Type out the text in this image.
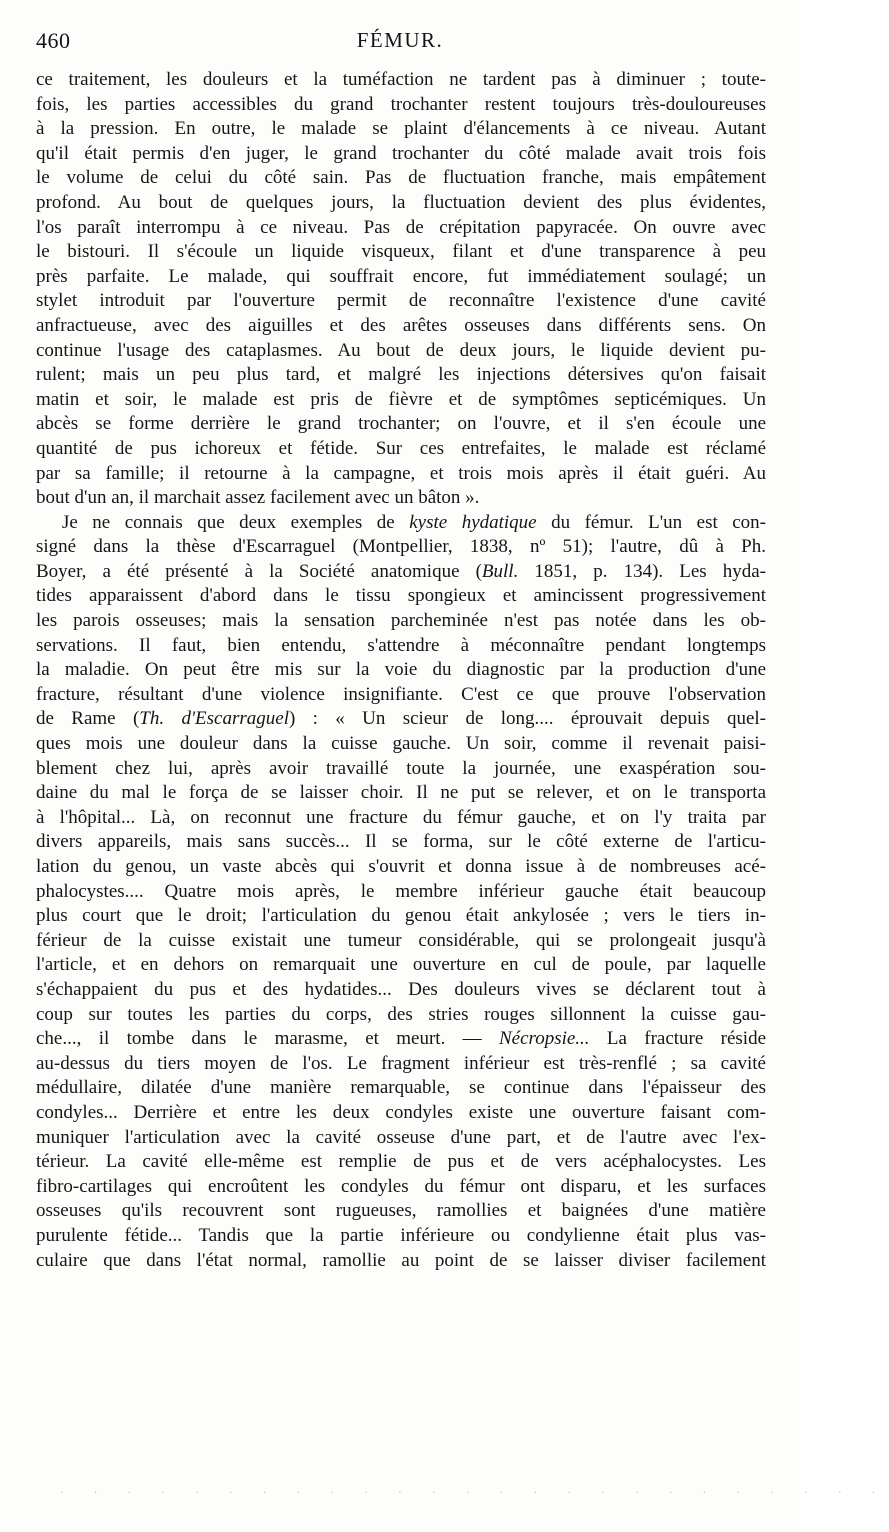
460	FÉMUR.
ce traitement, les douleurs et la tuméfaction ne tardent pas à diminuer ; toute-
fois, les parties accessibles du grand trochanter restent toujours très-douloureuses
à la pression. En outre, le malade se plaint d'élancements à ce niveau. Autant
qu'il était permis d'en juger, le grand trochanter du côté malade avait trois fois
le volume de celui du côté sain. Pas de fluctuation franche, mais empâtement
profond. Au bout de quelques jours, la fluctuation devient des plus évidentes,
l'os paraît interrompu à ce niveau. Pas de crépitation papyracée. On ouvre avec
le bistouri. Il s'écoule un liquide visqueux, filant et d'une transparence à peu
près parfaite. Le malade, qui souffrait encore, fut immédiatement soulagé; un
stylet introduit par l'ouverture permit de reconnaître l'existence d'une cavité
anfractueuse, avec des aiguilles et des arêtes osseuses dans différents sens. On
continue l'usage des cataplasmes. Au bout de deux jours, le liquide devient pu-
rulent; mais un peu plus tard, et malgré les injections détersives qu'on faisait
matin et soir, le malade est pris de fièvre et de symptômes septicémiques. Un
abcès se forme derrière le grand trochanter; on l'ouvre, et il s'en écoule une
quantité de pus ichoreux et fétide. Sur ces entrefaites, le malade est réclamé
par sa famille; il retourne à la campagne, et trois mois après il était guéri. Au
bout d'un an, il marchait assez facilement avec un bâton ».
Je ne connais que deux exemples de kyste hydatique du fémur. L'un est con-
signé dans la thèse d'Escarraguel (Montpellier, 1838, nº 51); l'autre, dû à Ph.
Boyer, a été présenté à la Société anatomique (Bull. 1851, p. 134). Les hyda-
tides apparaissent d'abord dans le tissu spongieux et amincissent progressivement
les parois osseuses; mais la sensation parcheminée n'est pas notée dans les ob-
servations. Il faut, bien entendu, s'attendre à méconnaître pendant longtemps
la maladie. On peut être mis sur la voie du diagnostic par la production d'une
fracture, résultant d'une violence insignifiante. C'est ce que prouve l'observation
de Rame (Th. d'Escarraguel) : « Un scieur de long.... éprouvait depuis quel-
ques mois une douleur dans la cuisse gauche. Un soir, comme il revenait paisi-
blement chez lui, après avoir travaillé toute la journée, une exaspération sou-
daine du mal le força de se laisser choir. Il ne put se relever, et on le transporta
à l'hôpital... Là, on reconnut une fracture du fémur gauche, et on l'y traita par
divers appareils, mais sans succès... Il se forma, sur le côté externe de l'articu-
lation du genou, un vaste abcès qui s'ouvrit et donna issue à de nombreuses acé-
phalocystes.... Quatre mois après, le membre inférieur gauche était beaucoup
plus court que le droit; l'articulation du genou était ankylosée ; vers le tiers in-
férieur de la cuisse existait une tumeur considérable, qui se prolongeait jusqu'à
l'article, et en dehors on remarquait une ouverture en cul de poule, par laquelle
s'échappaient du pus et des hydatides... Des douleurs vives se déclarent tout à
coup sur toutes les parties du corps, des stries rouges sillonnent la cuisse gau-
che..., il tombe dans le marasme, et meurt. — Nécropsie... La fracture réside
au-dessus du tiers moyen de l'os. Le fragment inférieur est très-renflé ; sa cavité
médullaire, dilatée d'une manière remarquable, se continue dans l'épaisseur des
condyles... Derrière et entre les deux condyles existe une ouverture faisant com-
muniquer l'articulation avec la cavité osseuse d'une part, et de l'autre avec l'ex-
térieur. La cavité elle-même est remplie de pus et de vers acéphalocystes. Les
fibro-cartilages qui encroûtent les condyles du fémur ont disparu, et les surfaces
osseuses qu'ils recouvrent sont rugueuses, ramollies et baignées d'une matière
purulente fétide... Tandis que la partie inférieure ou condylienne était plus vas-
culaire que dans l'état normal, ramollie au point de se laisser diviser facilement
· · · · · · · · · · · · · · · · · · · · · · · · ·
